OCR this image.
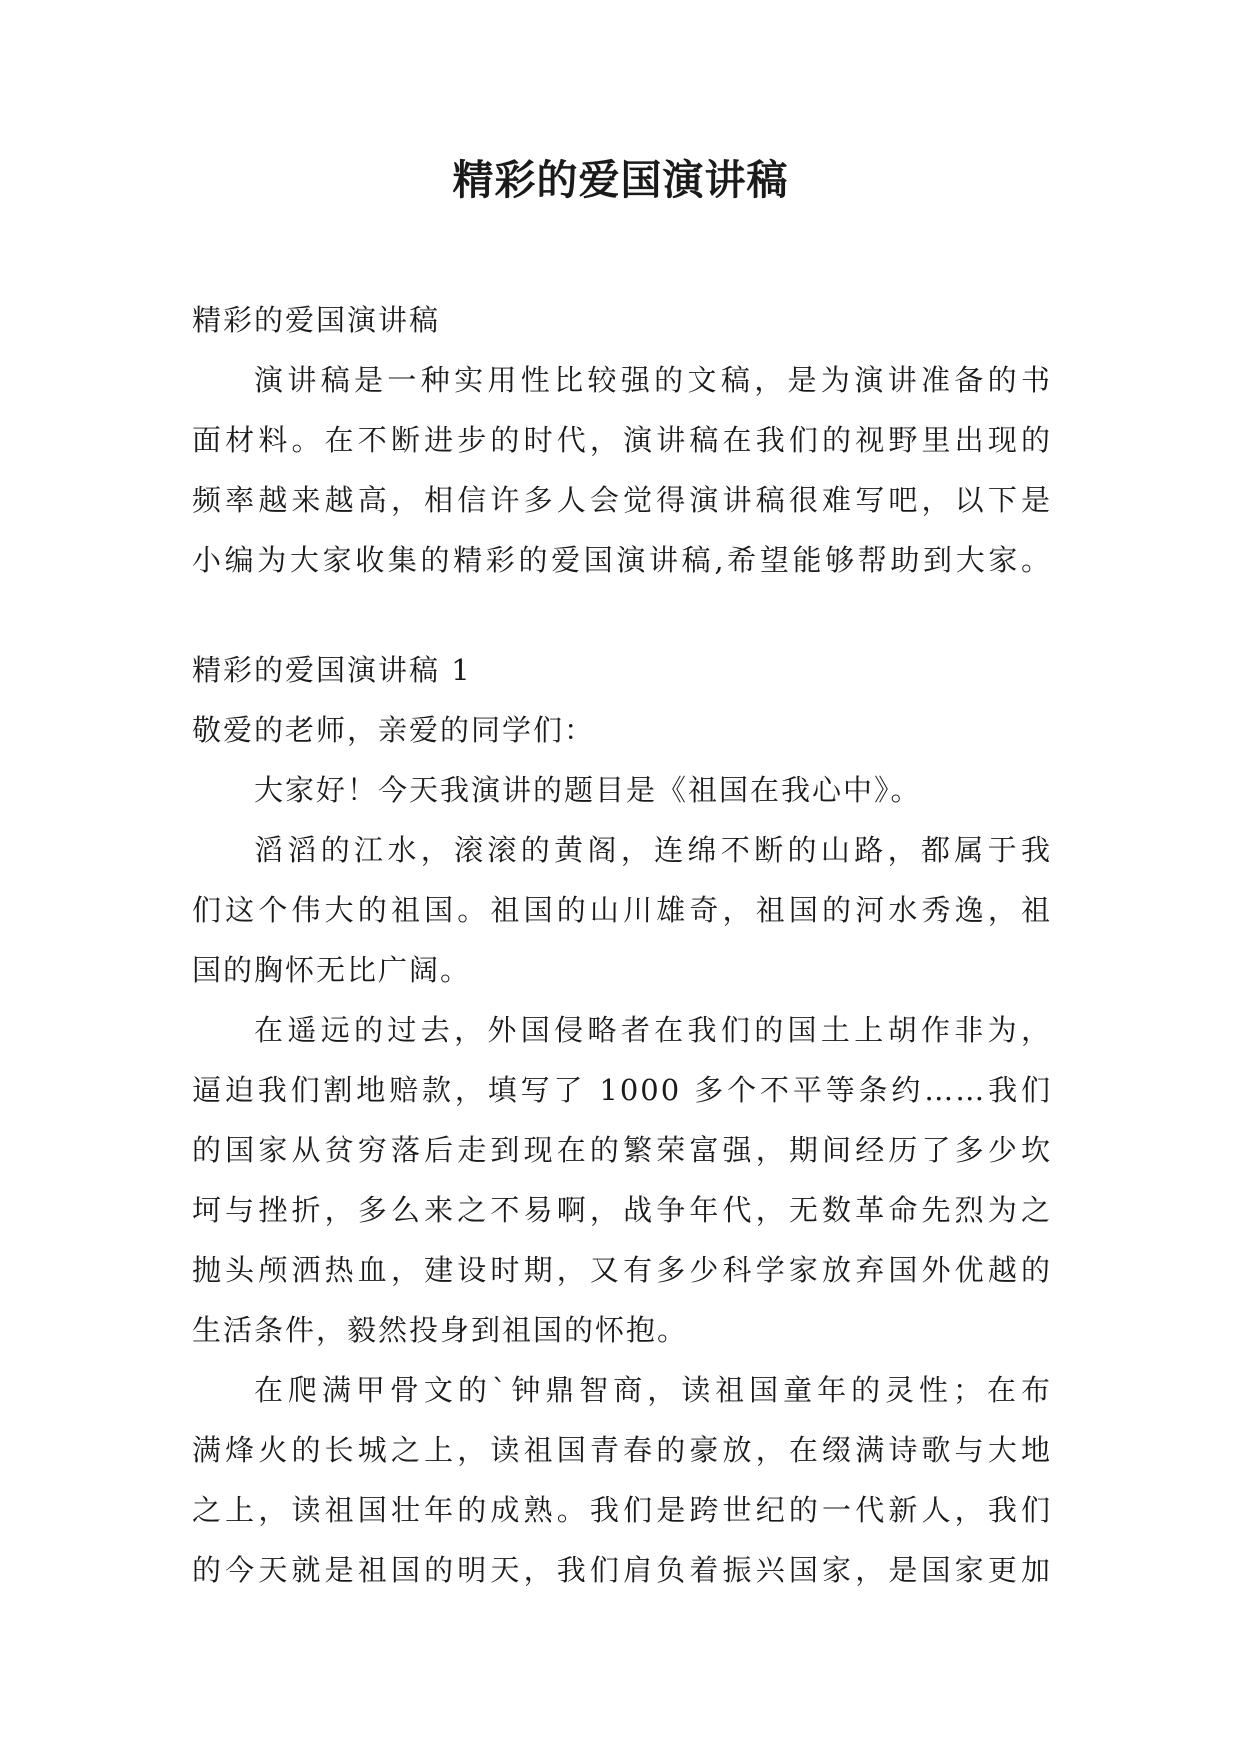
精彩的爱国演讲稿

精彩的爱国演讲稿

演讲稿是一种实用性比较强的文稿，是为演讲准备的书

面材料。在不断进步的时代，演讲稿在我们的视野里出现的

频率越来越高，相信许多人会觉得演讲稿很难写吧，以下是

小编为大家收集的精彩的爱国演讲稿,希望能够帮助到大家。

精彩的爱国演讲稿 1

敬爱的老师，亲爱的同学们：

大家好！今天我演讲的题目是《祖国在我心中》。

滔滔的江水，滚滚的黄阁，连绵不断的山路，都属于我

们这个伟大的祖国。祖国的山川雄奇，祖国的河水秀逸，祖

国的胸怀无比广阔。

在遥远的过去，外国侵略者在我们的国土上胡作非为，

逼迫我们割地赔款，填写了 1000 多个不平等条约……我们

的国家从贫穷落后走到现在的繁荣富强，期间经历了多少坎

坷与挫折，多么来之不易啊，战争年代，无数革命先烈为之

抛头颅洒热血，建设时期，又有多少科学家放弃国外优越的

生活条件，毅然投身到祖国的怀抱。

在爬满甲骨文的`钟鼎智商，读祖国童年的灵性；在布

满烽火的长城之上，读祖国青春的豪放，在缀满诗歌与大地

之上，读祖国壮年的成熟。我们是跨世纪的一代新人，我们

的今天就是祖国的明天，我们肩负着振兴国家，是国家更加
